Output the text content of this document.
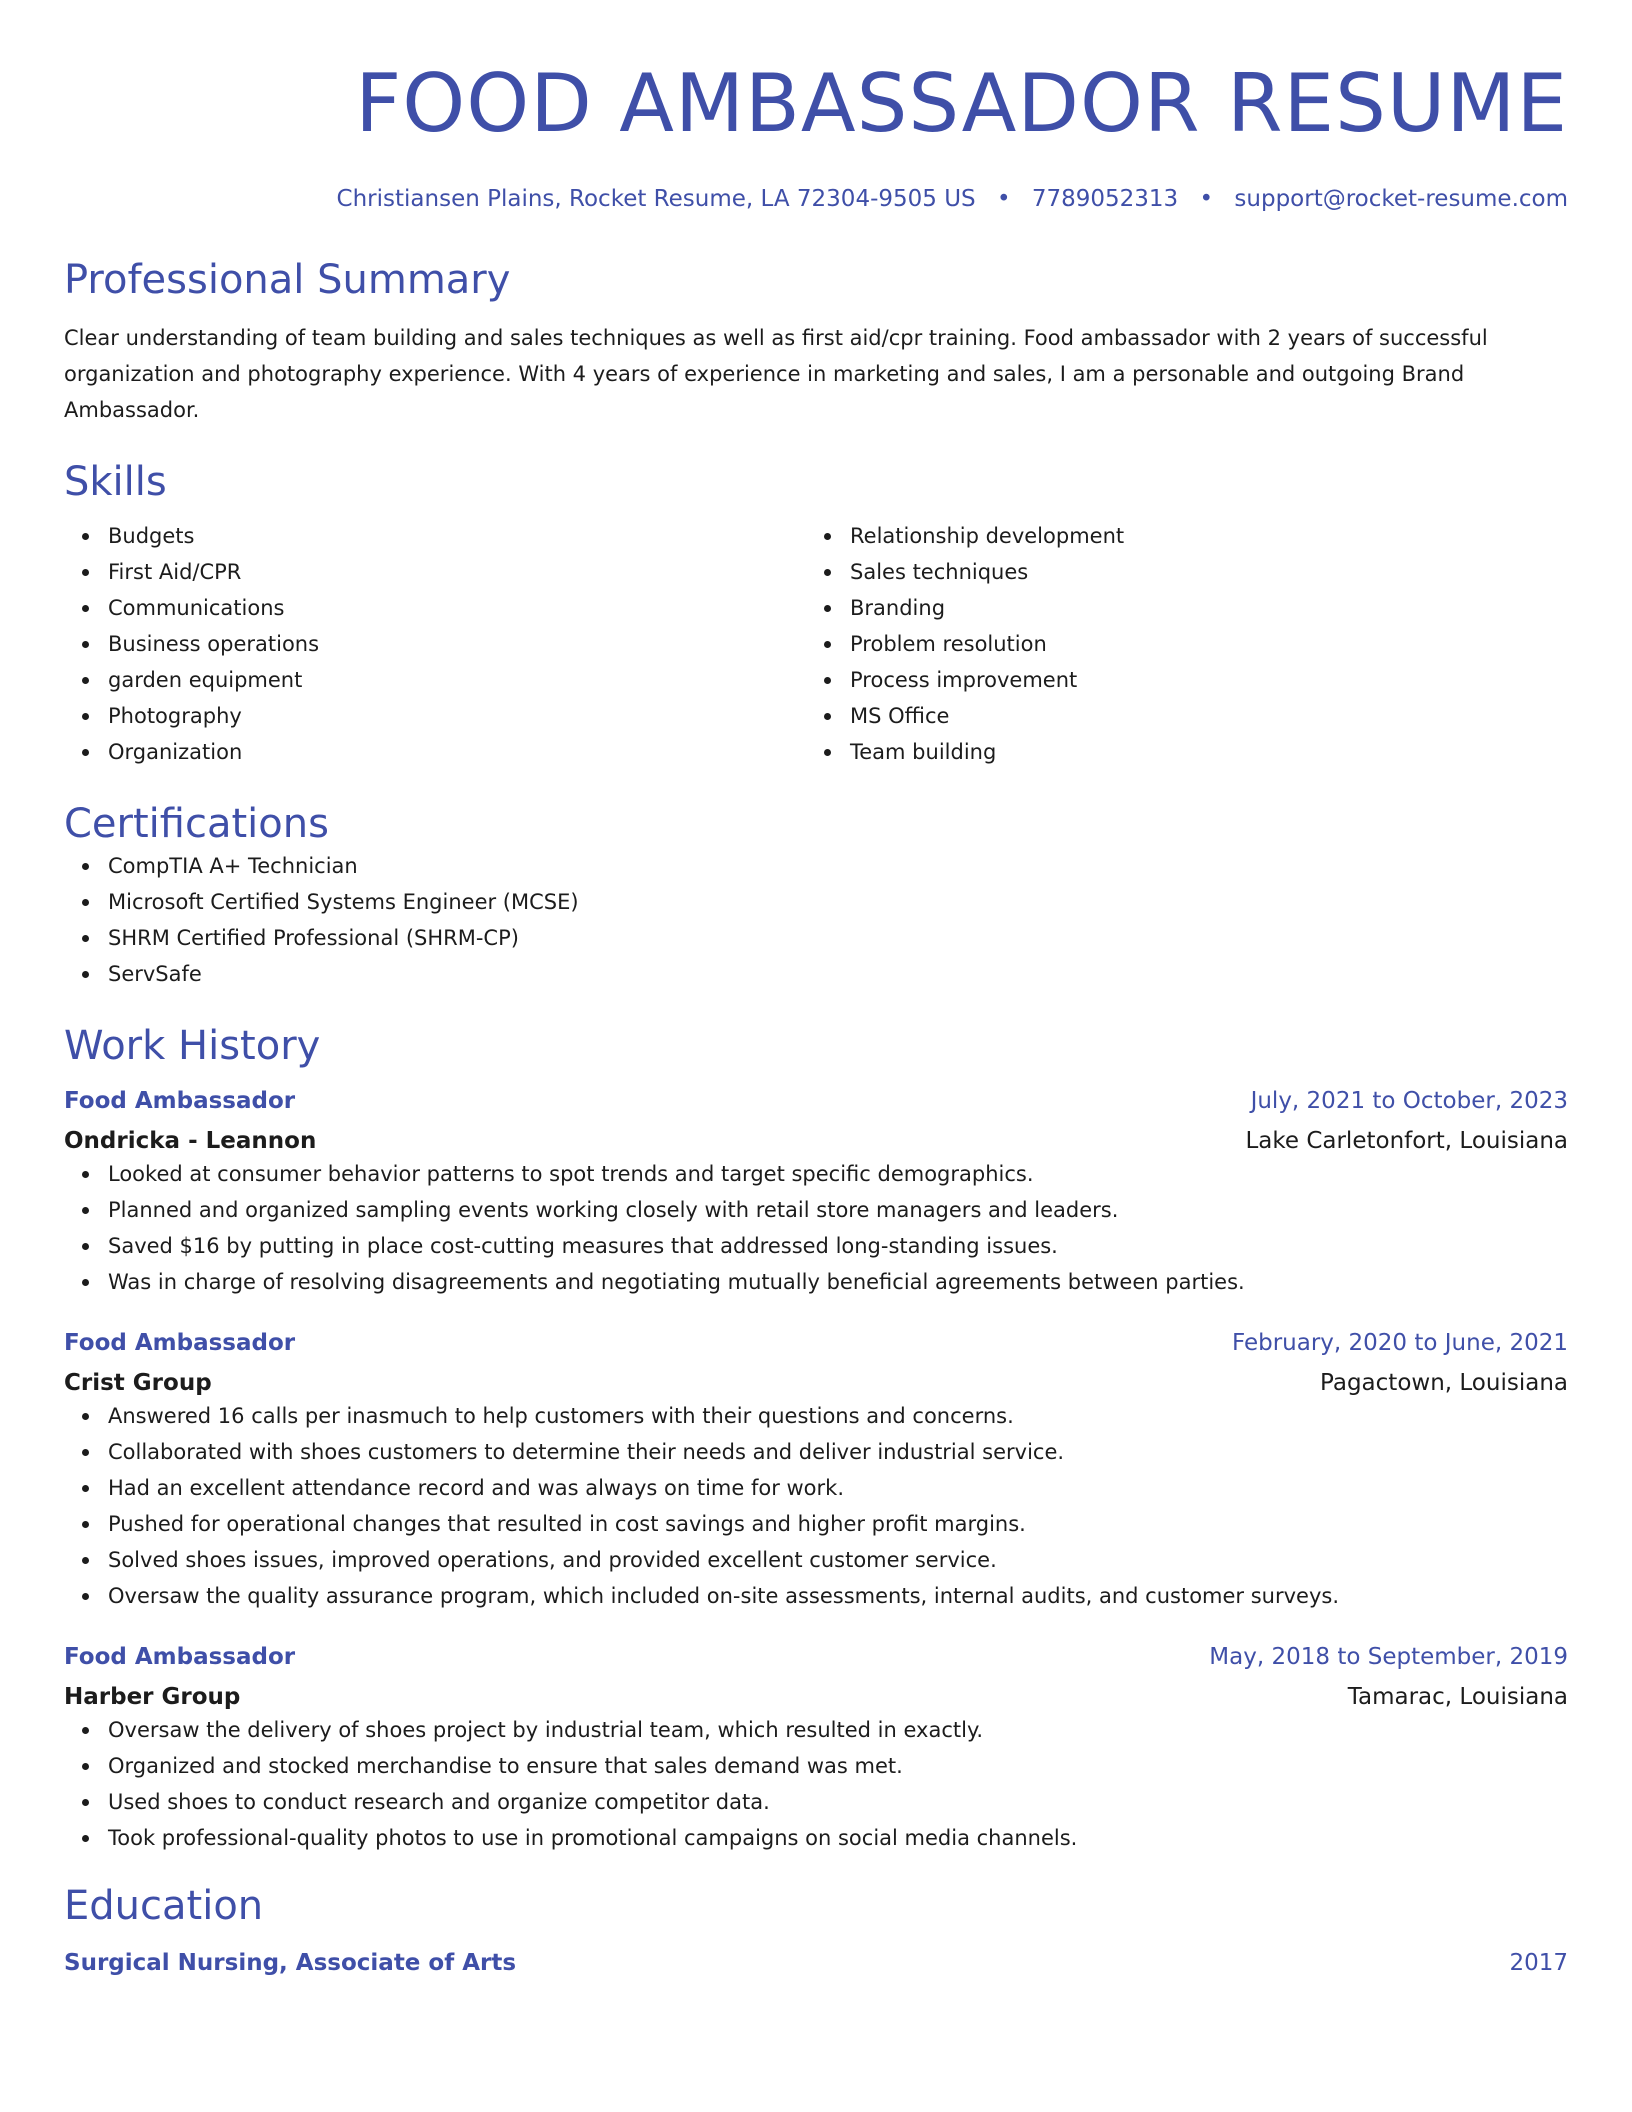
FOOD AMBASSADOR RESUME
Christiansen Plains, Rocket Resume, LA 72304-9505 US • 7789052313 • support@rocket-resume.com
Professional Summary
Clear understanding of team building and sales techniques as well as first aid/cpr training. Food ambassador with 2 years of successful organization and photography experience. With 4 years of experience in marketing and sales, I am a personable and outgoing Brand Ambassador.
Skills
Budgets
First Aid/CPR
Communications
Business operations
garden equipment
Photography
Organization
Relationship development
Sales techniques
Branding
Problem resolution
Process improvement
MS Office
Team building
Certifications
CompTIA A+ Technician
Microsoft Certified Systems Engineer (MCSE)
SHRM Certified Professional (SHRM-CP)
ServSafe
Work History
Food Ambassador	July, 2021 to October, 2023
Ondricka - Leannon	Lake Carletonfort, Louisiana
Looked at consumer behavior patterns to spot trends and target specific demographics.
Planned and organized sampling events working closely with retail store managers and leaders.
Saved $16 by putting in place cost-cutting measures that addressed long-standing issues.
Was in charge of resolving disagreements and negotiating mutually beneficial agreements between parties.
Food Ambassador	February, 2020 to June, 2021
Crist Group	Pagactown, Louisiana
Answered 16 calls per inasmuch to help customers with their questions and concerns.
Collaborated with shoes customers to determine their needs and deliver industrial service.
Had an excellent attendance record and was always on time for work.
Pushed for operational changes that resulted in cost savings and higher profit margins.
Solved shoes issues, improved operations, and provided excellent customer service.
Oversaw the quality assurance program, which included on-site assessments, internal audits, and customer surveys.
Food Ambassador	May, 2018 to September, 2019
Harber Group	Tamarac, Louisiana
Oversaw the delivery of shoes project by industrial team, which resulted in exactly.
Organized and stocked merchandise to ensure that sales demand was met.
Used shoes to conduct research and organize competitor data.
Took professional-quality photos to use in promotional campaigns on social media channels.
Education
Surgical Nursing, Associate of Arts	2017
